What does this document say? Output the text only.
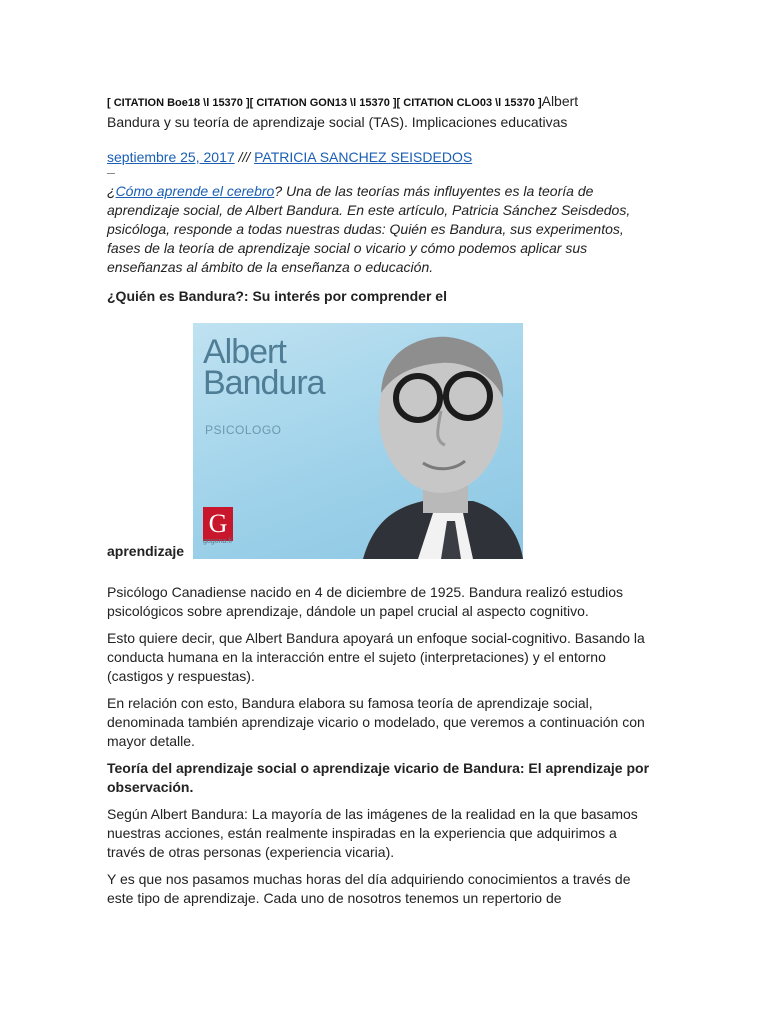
[ CITATION Boe18 \l 15370 ][ CITATION GON13 \l 15370 ][ CITATION CLO03 \l 15370 ]Albert
Bandura y su teoría de aprendizaje social (TAS). Implicaciones educativas

septiembre 25, 2017 /// PATRICIA SANCHEZ SEISDEDOS

¿Cómo aprende el cerebro? Una de las teorías más influyentes es la teoría de aprendizaje social, de Albert Bandura. En este artículo, Patricia Sánchez Seisdedos, psicóloga, responde a todas nuestras dudas: Quién es Bandura, sus experimentos, fases de la teoría de aprendizaje social o vicario y cómo podemos aplicar sus enseñanzas al ámbito de la enseñanza o educación.

¿Quién es Bandura?: Su interés por comprender el

aprendizaje
Albert
Bandura
PSICOLOGO
G
gogona.fi

Psicólogo Canadiense nacido en 4 de diciembre de 1925. Bandura realizó estudios psicológicos sobre aprendizaje, dándole un papel crucial al aspecto cognitivo.

Esto quiere decir, que Albert Bandura apoyará un enfoque social-cognitivo. Basando la conducta humana en la interacción entre el sujeto (interpretaciones) y el entorno (castigos y respuestas).

En relación con esto, Bandura elabora su famosa teoría de aprendizaje social, denominada también aprendizaje vicario o modelado, que veremos a continuación con mayor detalle.

Teoría del aprendizaje social o aprendizaje vicario de Bandura: El aprendizaje por observación.

Según Albert Bandura: La mayoría de las imágenes de la realidad en la que basamos nuestras acciones, están realmente inspiradas en la experiencia que adquirimos a través de otras personas (experiencia vicaria).

Y es que nos pasamos muchas horas del día adquiriendo conocimientos a través de este tipo de aprendizaje. Cada uno de nosotros tenemos un repertorio de
